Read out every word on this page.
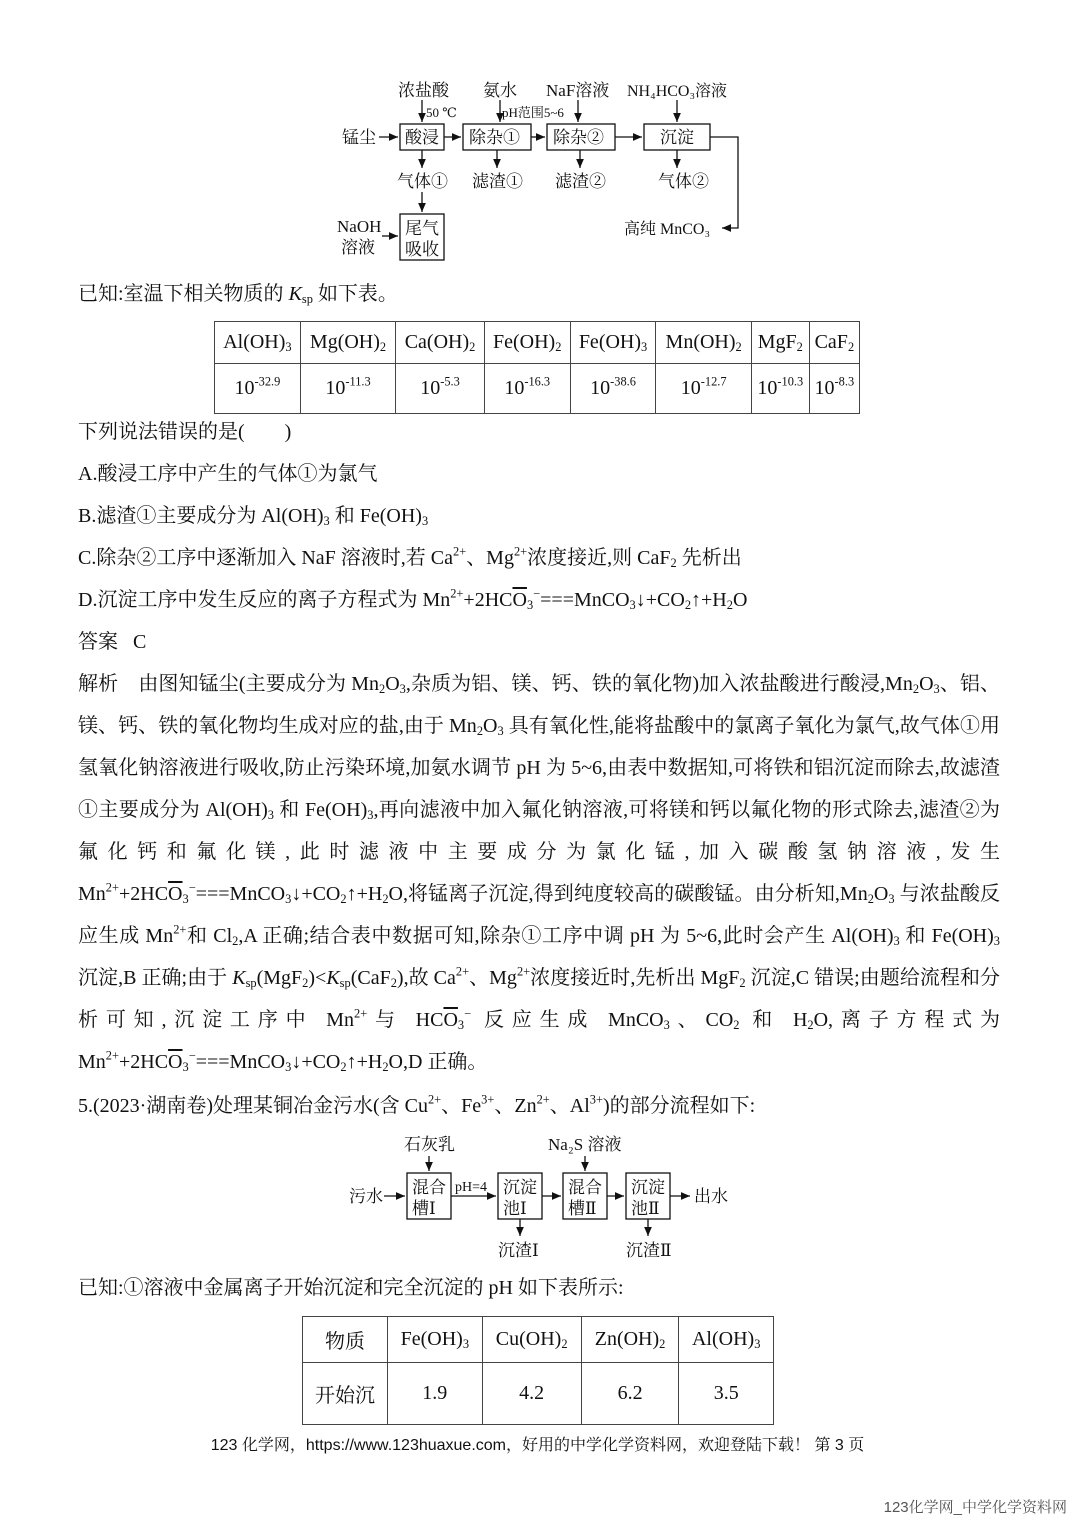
浓盐酸
50 ℃
氨水
pH范围5~6
NaF溶液 NH₄HCO₃溶液
锰尘 酸浸 除杂① 除杂②	沉淀
气体① 滤渣① 滤渣②	气体②
尾气
吸收
NaOH
溶液
高纯 MnCO₃
已知:室温下相关物质的 $K_{sp}$ 如下表。
$Al(OH)_3$	$Mg(OH)_2$	$Ca(OH)_2$	$Fe(OH)_2$	$Fe(OH)_3$	$Mn(OH)_2$	MgF$_2$	CaF$_2$
$10^{-32.9}$	$10^{-11.3}$	$10^{-5.3}$	$10^{-16.3}$	$10^{-38.6}$	$10^{-12.7}$	$10^{-10.3}$	$10^{-8.3}$
下列说法错误的是(　　)
A.酸浸工序中产生的气体①为氯气
B.滤渣①主要成分为 $Al(OH)_3$ 和 $Fe(OH)_3$
C.除杂②工序中逐渐加入 NaF 溶液时,若 $Ca^{2+}$、$Mg^{2+}$浓度接近,则 CaF$_2$ 先析出
D.沉淀工序中发生反应的离子方程式为 $Mn^{2+}+2HC\overline{O}_3^-===MnCO_3↓+CO_2↑+H_2O$
答案 C
解析　 由图知锰尘(主要成分为 $Mn_2O_3$,杂质为铝、镁、钙、铁的氧化物)加入浓盐酸进行酸浸$,Mn_2O_3$、铝、镁、钙、铁的氧化物均生成对应的盐,由于 $Mn_2O_3$ 具有氧化性,能将盐酸中的氯离子氧化为氯气,故气体①用氢氧化钠溶液进行吸收,防止污染环境,加氨水调节 pH 为 5~6,由表中数据知,可将铁和铝沉淀而除去,故滤渣①主要成分为 $Al(OH)_3$ 和 $Fe(OH)_3$,再向滤液中加入氟化钠溶液,可将镁和钙以氟化物的形式除去,滤渣②为氟化钙和氟化镁,此时滤液中主要成分为氯化锰,加入碳酸氢钠溶液,发生 $Mn^{2+}+2HC\overline{O}_3^-===MnCO_3↓+CO_2↑+H_2O$,将锰离子沉淀,得到纯度较高的碳酸锰。由分析知$,Mn_2O_3$ 与浓盐酸反应生成 $Mn^{2+}$和 $Cl_2,A$ 正确;结合表中数据可知,除杂①工序中调 pH 为 5~6,此时会产生 $Al(OH)_3$ 和 $Fe(OH)_3$ 沉淀,B 正确;由于 $K_{sp}(MgF_2)<K_{sp}(CaF_2)$,故 $Ca^{2+}$、$Mg^{2+}$浓度接近时,先析出 MgF$_2$ 沉淀,C 错误;由题给流程和分析可知,沉淀工序中 $Mn^{2+}$与 $HC\overline{O}_3^-$ 反应生成 MnCO$_3$、$CO_2$ 和 $H_2O$,离子方程式为 $Mn^{2+}+2HC\overline{O}_3^-===MnCO_3↓+CO_2↑+H_2O,D$ 正确。
5.(2023·湖南卷)处理某铜冶金污水(含 $Cu^{2+}$、$Fe^{3+}$、$Zn^{2+}$、$Al^{3+}$)的部分流程如下:
石灰乳	Na₂S 溶液
污水	pH=4
混合
槽Ⅰ
沉淀
池Ⅰ
混合
槽Ⅱ
沉淀
池Ⅱ
出水
沉渣Ⅰ	沉渣Ⅱ
已知:①溶液中金属离子开始沉淀和完全沉淀的 pH 如下表所示:
物质	$Fe(OH)_3$	$Cu(OH)_2$	$Zn(OH)_2$	$Al(OH)_3$
开始沉	1.9	4.2	6.2	3.5
123 化学网，https://www.123huaxue.com，好用的中学化学资料网，欢迎登陆下载！ 第 3 页
123化学网_中学化学资料网
